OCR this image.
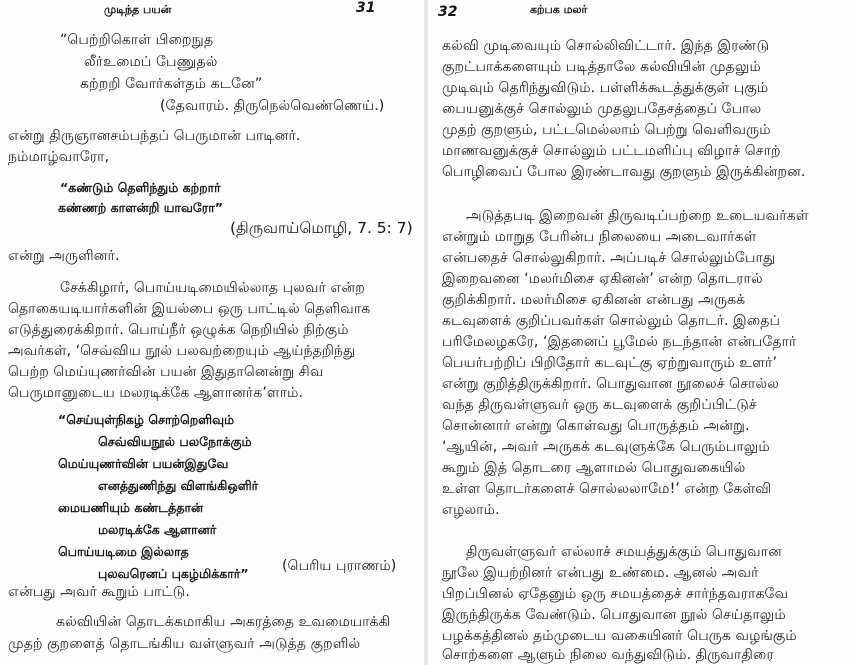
முடிந்த பயன்	31
“பெற்றிகொள் பிறைநுத
லீர்உமைப் பேணுதல்
கற்றறி வோர்கள்தம் கடனே”
(தேவாரம். திருநெல்வெண்ணெய்.)
என்று திருஞானசம்பந்தப் பெருமான் பாடினர்.
நம்மாழ்வாரோ,
“கண்டும் தெளிந்தும் கற்றார்
கண்ணற் காளன்றி யாவரோ”
(திருவாய்மொழி, 7. 5: 7)
என்று அருளினர்.
சேக்கிழார், பொய்யடிமையில்லாத புலவர் என்ற
தொகையடியார்களின் இயல்பை ஒரு பாட்டில் தெளிவாக
எடுத்துரைக்கிறார். பொய்நீர் ஒழுக்க நெறியில் நிற்கும்
அவர்கள், ‘செவ்விய நூல் பலவற்றையும் ஆய்ந்தறிந்து
பெற்ற மெய்யுணர்வின் பயன் இதுதானென்று சிவ
பெருமானுடைய மலரடிக்கே ஆளானர்க’ளாம்.
“செய்யுள்நிகழ் சொற்றெளிவும்
செவ்வியநூல் பலநோக்கும்
மெய்யுணர்வின் பயன்இதுவே
எனத்துணிந்து விளங்கிஒளிர்
மையணியும் கண்டத்தான்
மலரடிக்கே ஆளானர்
பொய்யடிமை இல்லாத
புலவரெனப் புகழ்மிக்கார்” (பெரிய புராணம்)
என்பது அவர் கூறும் பாட்டு.
கல்வியின் தொடக்கமாகிய அகரத்தை உவமையாக்கி
முதற் குறளைத் தொடங்கிய வள்ளுவர் அடுத்த குறளில்
32	கற்பக மலர்
கல்வி முடிவையும் சொல்லிவிட்டார். இந்த இரண்டு
குறட்பாக்களையும் படித்தாலே கல்வியின் முதலும்
முடிவும் தெரிந்துவிடும். பள்ளிக்கூடத்துக்குள் புகும்
பையனுக்குச் சொல்லும் முதலுபதேசத்தைப் போல
முதற் குறளும், பட்டமெல்லாம் பெற்று வெளிவரும்
மாணவனுக்குச் சொல்லும் பட்டமளிப்பு விழாச் சொற்
பொழிவைப் போல இரண்டாவது குறளும் இருக்கின்றன.
அடுத்தபடி இறைவன் திருவடிப்பற்றை உடையவர்கள்
என்றும் மாறுத பேரின்ப நிலையை அடைவார்கள்
என்பதைச் சொல்லுகிறார். அப்படிச் சொல்லும்போது
இறைவனை ‘மலர்மிசை ஏகினன்’ என்ற தொடரால்
குறிக்கிறார். மலர்மிசை ஏகினன் என்பது அருகக்
கடவுளைக் குறிப்பவர்கள் சொல்லும் தொடர். இதைப்
பரிமேலழகரே, ‘இதனைப் பூமேல் நடந்தான் என்பதோர்
பெயர்பற்றிப் பிறிதோர் கடவுட்கு ஏற்றுவாரும் உளர்’
என்று குறித்திருக்கிறார். பொதுவான நூலைச் சொல்ல
வந்த திருவள்ளுவர் ஒரு கடவுளைக் குறிப்பிட்டுச்
சொன்னார் என்று கொள்வது பொருத்தம் அன்று.
‘ஆயின், அவர் அருகக் கடவுளுக்கே பெரும்பாலும்
கூறும் இத் தொடரை ஆளாமல் பொதுவகையில்
உள்ள தொடர்களைச் சொல்லலாமே!’ என்ற கேள்வி
எழலாம்.
திருவள்ளுவர் எல்லாச் சமயத்துக்கும் பொதுவான
நூலே இயற்றினர் என்பது உண்மை. ஆனல் அவர்
பிறப்பினல் ஏதேனும் ஒரு சமயத்தைச் சார்ந்தவராகவே
இருந்திருக்க வேண்டும். பொதுவான நூல் செய்தாலும்
பழக்கத்தினல் தம்முடைய வகையினர் பெருக வழங்கும்
சொற்களை ஆளும் நிலை வந்துவிடும். திருவாதிரை
